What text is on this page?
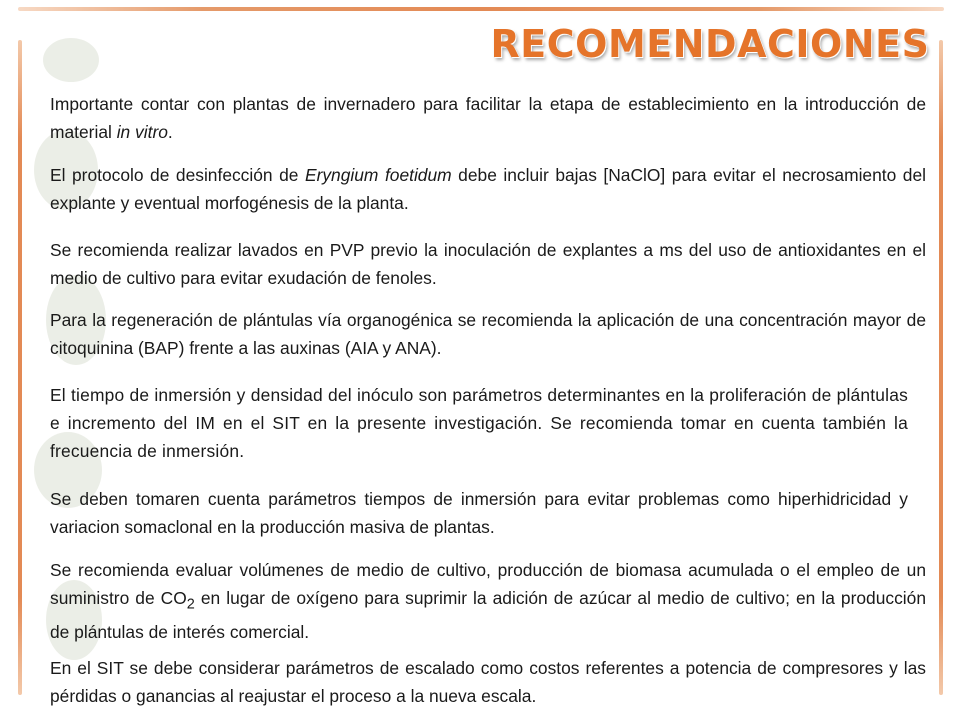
RECOMENDACIONES

Importante contar con plantas de invernadero para facilitar la etapa de establecimiento en la introducción de material in vitro.

El protocolo de desinfección de Eryngium foetidum debe incluir bajas [NaClO] para evitar el necrosamiento del explante y eventual morfogénesis de la planta.

Se recomienda realizar lavados en PVP previo la inoculación de explantes a ms del uso de antioxidantes en el medio de cultivo para evitar exudación de fenoles.

Para la regeneración de plántulas vía organogénica se recomienda la aplicación de una concentración mayor de citoquinina (BAP) frente a las auxinas (AIA y ANA).

El tiempo de inmersión y densidad del inóculo son parámetros determinantes en la proliferación de plántulas e incremento del IM en el SIT en la presente investigación. Se recomienda tomar en cuenta también la frecuencia de inmersión.

Se deben tomaren cuenta parámetros tiempos de inmersión para evitar problemas como hiperhidricidad y variacion somaclonal en la producción masiva de plantas.

Se recomienda evaluar volúmenes de medio de cultivo, producción de biomasa acumulada o el empleo de un suministro de $CO_2$ en lugar de oxígeno para suprimir la adición de azúcar al medio de cultivo; en la producción de plántulas de interés comercial.

En el SIT se debe considerar parámetros de escalado como costos referentes a potencia de compresores y las pérdidas o ganancias al reajustar el proceso a la nueva escala.
